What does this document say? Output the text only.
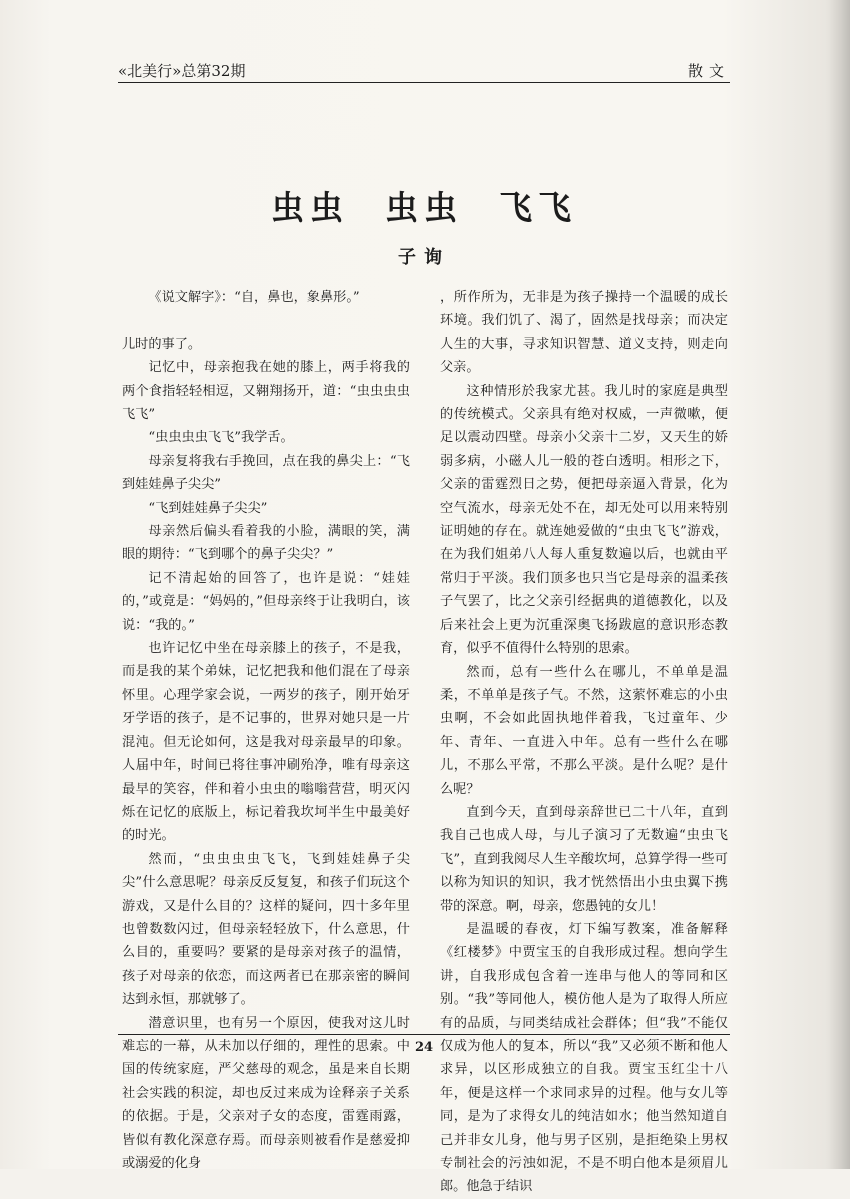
«北美行»总第32期	散文
虫虫 虫虫 飞飞
子询

《说文解字》：“自，鼻也，象鼻形。”

儿时的事了。

记忆中，母亲抱我在她的膝上，两手将我的两个食指轻轻相逗，又翱翔扬开，道：“虫虫虫虫飞飞”

“虫虫虫虫飞飞”我学舌。

母亲复将我右手挽回，点在我的鼻尖上：“飞到娃娃鼻子尖尖”

“飞到娃娃鼻子尖尖”

母亲然后偏头看着我的小脸，满眼的笑，满眼的期待：“飞到哪个的鼻子尖尖？”

记不清起始的回答了，也许是说：“娃娃的，”或竟是：“妈妈的，”但母亲终于让我明白，该说：“我的。”

也许记忆中坐在母亲膝上的孩子，不是我，而是我的某个弟妹，记忆把我和他们混在了母亲怀里。心理学家会说，一两岁的孩子，刚开始牙牙学语的孩子，是不记事的，世界对她只是一片混沌。但无论如何，这是我对母亲最早的印象。人届中年，时间已将往事冲刷殆净，唯有母亲这最早的笑容，伴和着小虫虫的嗡嗡营营，明灭闪烁在记忆的底版上，标记着我坎坷半生中最美好的时光。

然而，“虫虫虫虫飞飞，飞到娃娃鼻子尖尖”什么意思呢？母亲反反复复，和孩子们玩这个游戏，又是什么目的？这样的疑问，四十多年里也曾数数闪过，但母亲轻轻放下，什么意思，什么目的，重要吗？要紧的是母亲对孩子的温情，孩子对母亲的依恋，而这两者已在那亲密的瞬间达到永恒，那就够了。

潜意识里，也有另一个原因，使我对这儿时难忘的一幕，从未加以仔细的，理性的思索。中国的传统家庭，严父慈母的观念，虽是来自长期社会实践的积淀，却也反过来成为诠释亲子关系的依据。于是，父亲对子女的态度，雷霆雨露，皆似有教化深意存焉。而母亲则被看作是慈爱抑或溺爱的化身

，所作所为，无非是为孩子操持一个温暖的成长环境。我们饥了、渴了，固然是找母亲；而决定人生的大事，寻求知识智慧、道义支持，则走向父亲。

这种情形於我家尤甚。我儿时的家庭是典型的传统模式。父亲具有绝对权威，一声微嗽，便足以震动四壁。母亲小父亲十二岁，又天生的娇弱多病，小磁人儿一般的苍白透明。相形之下，父亲的雷霆烈日之势，便把母亲逼入背景，化为空气流水，母亲无处不在，却无处可以用来特别证明她的存在。就连她爱做的“虫虫飞飞”游戏，在为我们姐弟八人每人重复数遍以后，也就由平常归于平淡。我们顶多也只当它是母亲的温柔孩子气罢了，比之父亲引经据典的道德教化，以及后来社会上更为沉重深奥飞扬跋扈的意识形态教育，似乎不值得什么特别的思索。

然而，总有一些什么在哪儿，不单单是温柔，不单单是孩子气。不然，这萦怀难忘的小虫虫啊，不会如此固执地伴着我，飞过童年、少年、青年、一直进入中年。总有一些什么在哪儿，不那么平常，不那么平淡。是什么呢？是什么呢？

直到今天，直到母亲辞世已二十八年，直到我自己也成人母，与儿子演习了无数遍“虫虫飞飞”，直到我阅尽人生辛酸坎坷，总算学得一些可以称为知识的知识，我才恍然悟出小虫虫翼下携带的深意。啊，母亲，您愚钝的女儿！

是温暖的春夜，灯下编写教案，准备解释《红楼梦》中贾宝玉的自我形成过程。想向学生讲，自我形成包含着一连串与他人的等同和区别。“我”等同他人，模仿他人是为了取得人所应有的品质，与同类结成社会群体；但“我”不能仅仅成为他人的复本，所以“我”又必须不断和他人求异，以区形成独立的自我。贾宝玉红尘十八年，便是这样一个求同求异的过程。他与女儿等同，是为了求得女儿的纯洁如水；他当然知道自己并非女儿身，他与男子区别，是拒绝染上男权专制社会的污浊如泥，不是不明白他本是须眉儿郎。他急于结识

24
